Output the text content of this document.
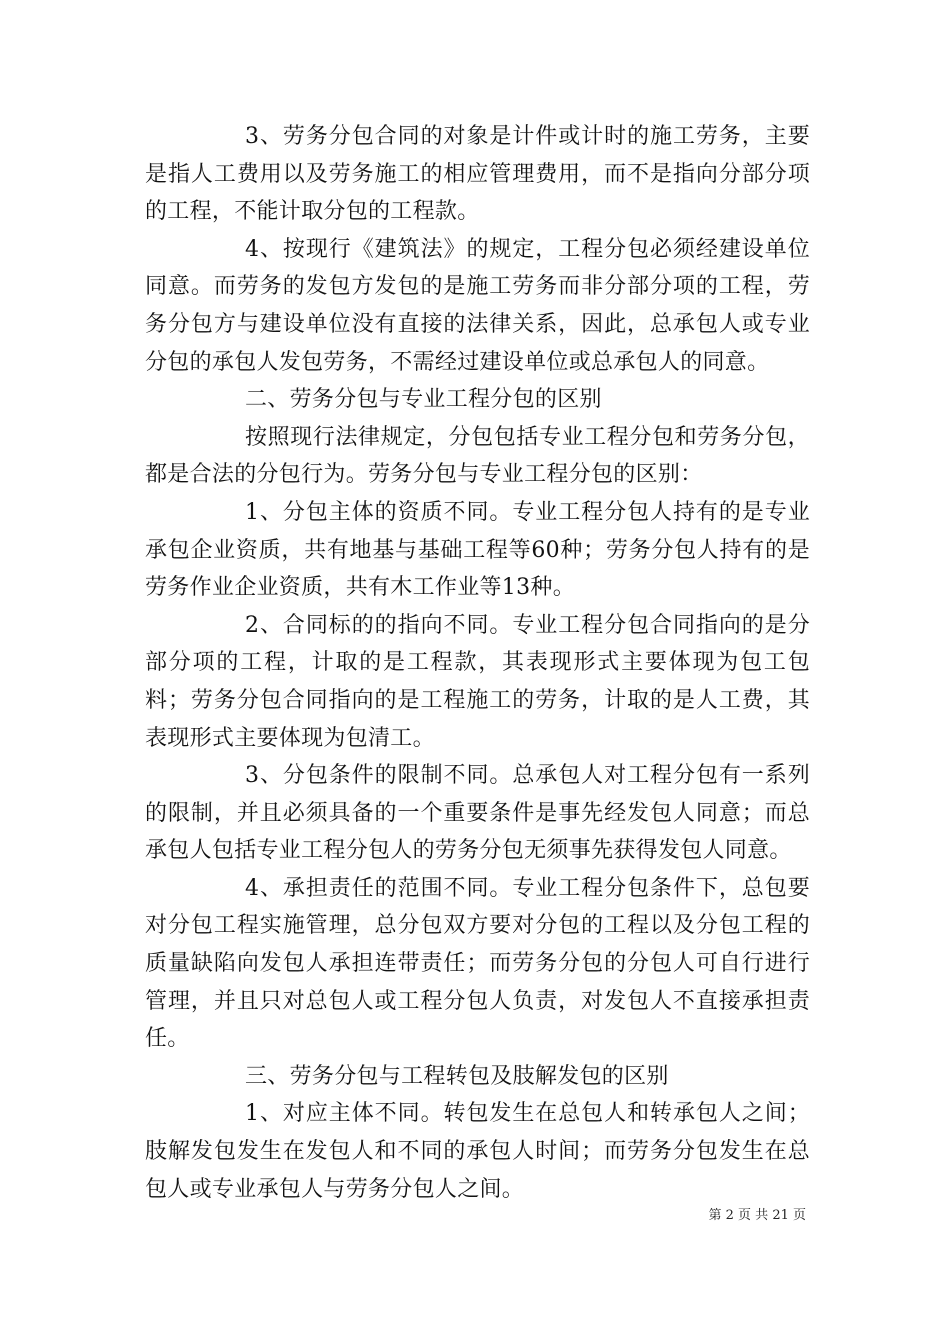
3、劳务分包合同的对象是计件或计时的施工劳务，主要是指人工费用以及劳务施工的相应管理费用，而不是指向分部分项的工程，不能计取分包的工程款。

4、按现行《建筑法》的规定，工程分包必须经建设单位同意。而劳务的发包方发包的是施工劳务而非分部分项的工程，劳务分包方与建设单位没有直接的法律关系，因此，总承包人或专业分包的承包人发包劳务，不需经过建设单位或总承包人的同意。

二、劳务分包与专业工程分包的区别

按照现行法律规定，分包包括专业工程分包和劳务分包，都是合法的分包行为。劳务分包与专业工程分包的区别：

1、分包主体的资质不同。专业工程分包人持有的是专业承包企业资质，共有地基与基础工程等60种；劳务分包人持有的是劳务作业企业资质，共有木工作业等13种。

2、合同标的的指向不同。专业工程分包合同指向的是分部分项的工程，计取的是工程款，其表现形式主要体现为包工包料；劳务分包合同指向的是工程施工的劳务，计取的是人工费，其表现形式主要体现为包清工。

3、分包条件的限制不同。总承包人对工程分包有一系列的限制，并且必须具备的一个重要条件是事先经发包人同意；而总承包人包括专业工程分包人的劳务分包无须事先获得发包人同意。

4、承担责任的范围不同。专业工程分包条件下，总包要对分包工程实施管理，总分包双方要对分包的工程以及分包工程的质量缺陷向发包人承担连带责任；而劳务分包的分包人可自行进行管理，并且只对总包人或工程分包人负责，对发包人不直接承担责任。

三、劳务分包与工程转包及肢解发包的区别

1、对应主体不同。转包发生在总包人和转承包人之间；肢解发包发生在发包人和不同的承包人时间；而劳务分包发生在总包人或专业承包人与劳务分包人之间。

第 2 页 共 21 页
